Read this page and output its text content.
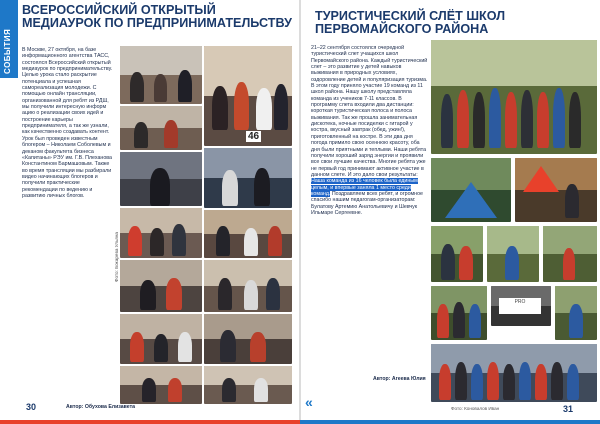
СОБЫТИЯ
ВСЕРОССИЙСКИЙ ОТКРЫТЫЙ МЕДИАУРОК ПО ПРЕДПРИНИМАТЕЛЬСТВУ
В Москве, 27 октября, на базе информационного агентства ТАСС, состоялся Всероссийский открытый медиаурок по предпринимательству. Целью урока стало раскрытие потенциала и успешная самореализация молодежи. С помощью онлайн трансляции, организованной для ребят из РДШ, мы получили интересную информ ацию о реализации своих идей и построение карьеры предпринимателя, а так же узнали, как качественно создавать контент. Урок был проведен известным блогером – Николаем Соболевым и деканом факультета бизнеса «Капитаны» РЭУ им. Г.В. Плеханова Константином Бармашовым. Также во время трансляции мы разбирали видео начинающих блогеров и получили практические рекомендации по ведению и развитию личных блогов.
46
Фото: Бокарева Ульяна
Автор: Обухова Елизавета
30
ТУРИСТИЧЕСКИЙ СЛЁТ ШКОЛ ПЕРВОМАЙСКОГО РАЙОНА
21–22 сентября состоялся очередной туристический слет учащихся школ Первомайского района. Каждый туристический слет – это развитие у детей навыков выживания в природных условиях, оздоровление детей и популяризация туризма. В этом году приняло участие 19 команд из 11 школ района. Нашу школу представляла команда из учеников 7-11 классов. В программу слета входили два дистанции: короткая туристическая полоса и полоса выживания. Так же прошла занимательная дискотека, ночные посиделки с гитарой у костра, вкусный завтрак (обед, ужин!), приготовленный на костре. В эти два дня погода примило свою осеннюю красоту, оба дня были приятными и теплыми. Наши ребята получили хороший заряд энергии и проявили все свои лучшие качества. Многие ребята уже не первый год принимают активное участие в данном слете. И это дало свои результаты: Наша команда из 16 человек была единым целым, и впервые заняла 1 место среди команд. Поздравляем всех ребят, и огромное спасибо нашим педагогам-организаторам: Булатову Артемию Анатольевичу и Шевчук Ильмаре Сергеевне.
PRO
Автор: Агеева Юлия
Фото: Коновалов Иван	31
«
